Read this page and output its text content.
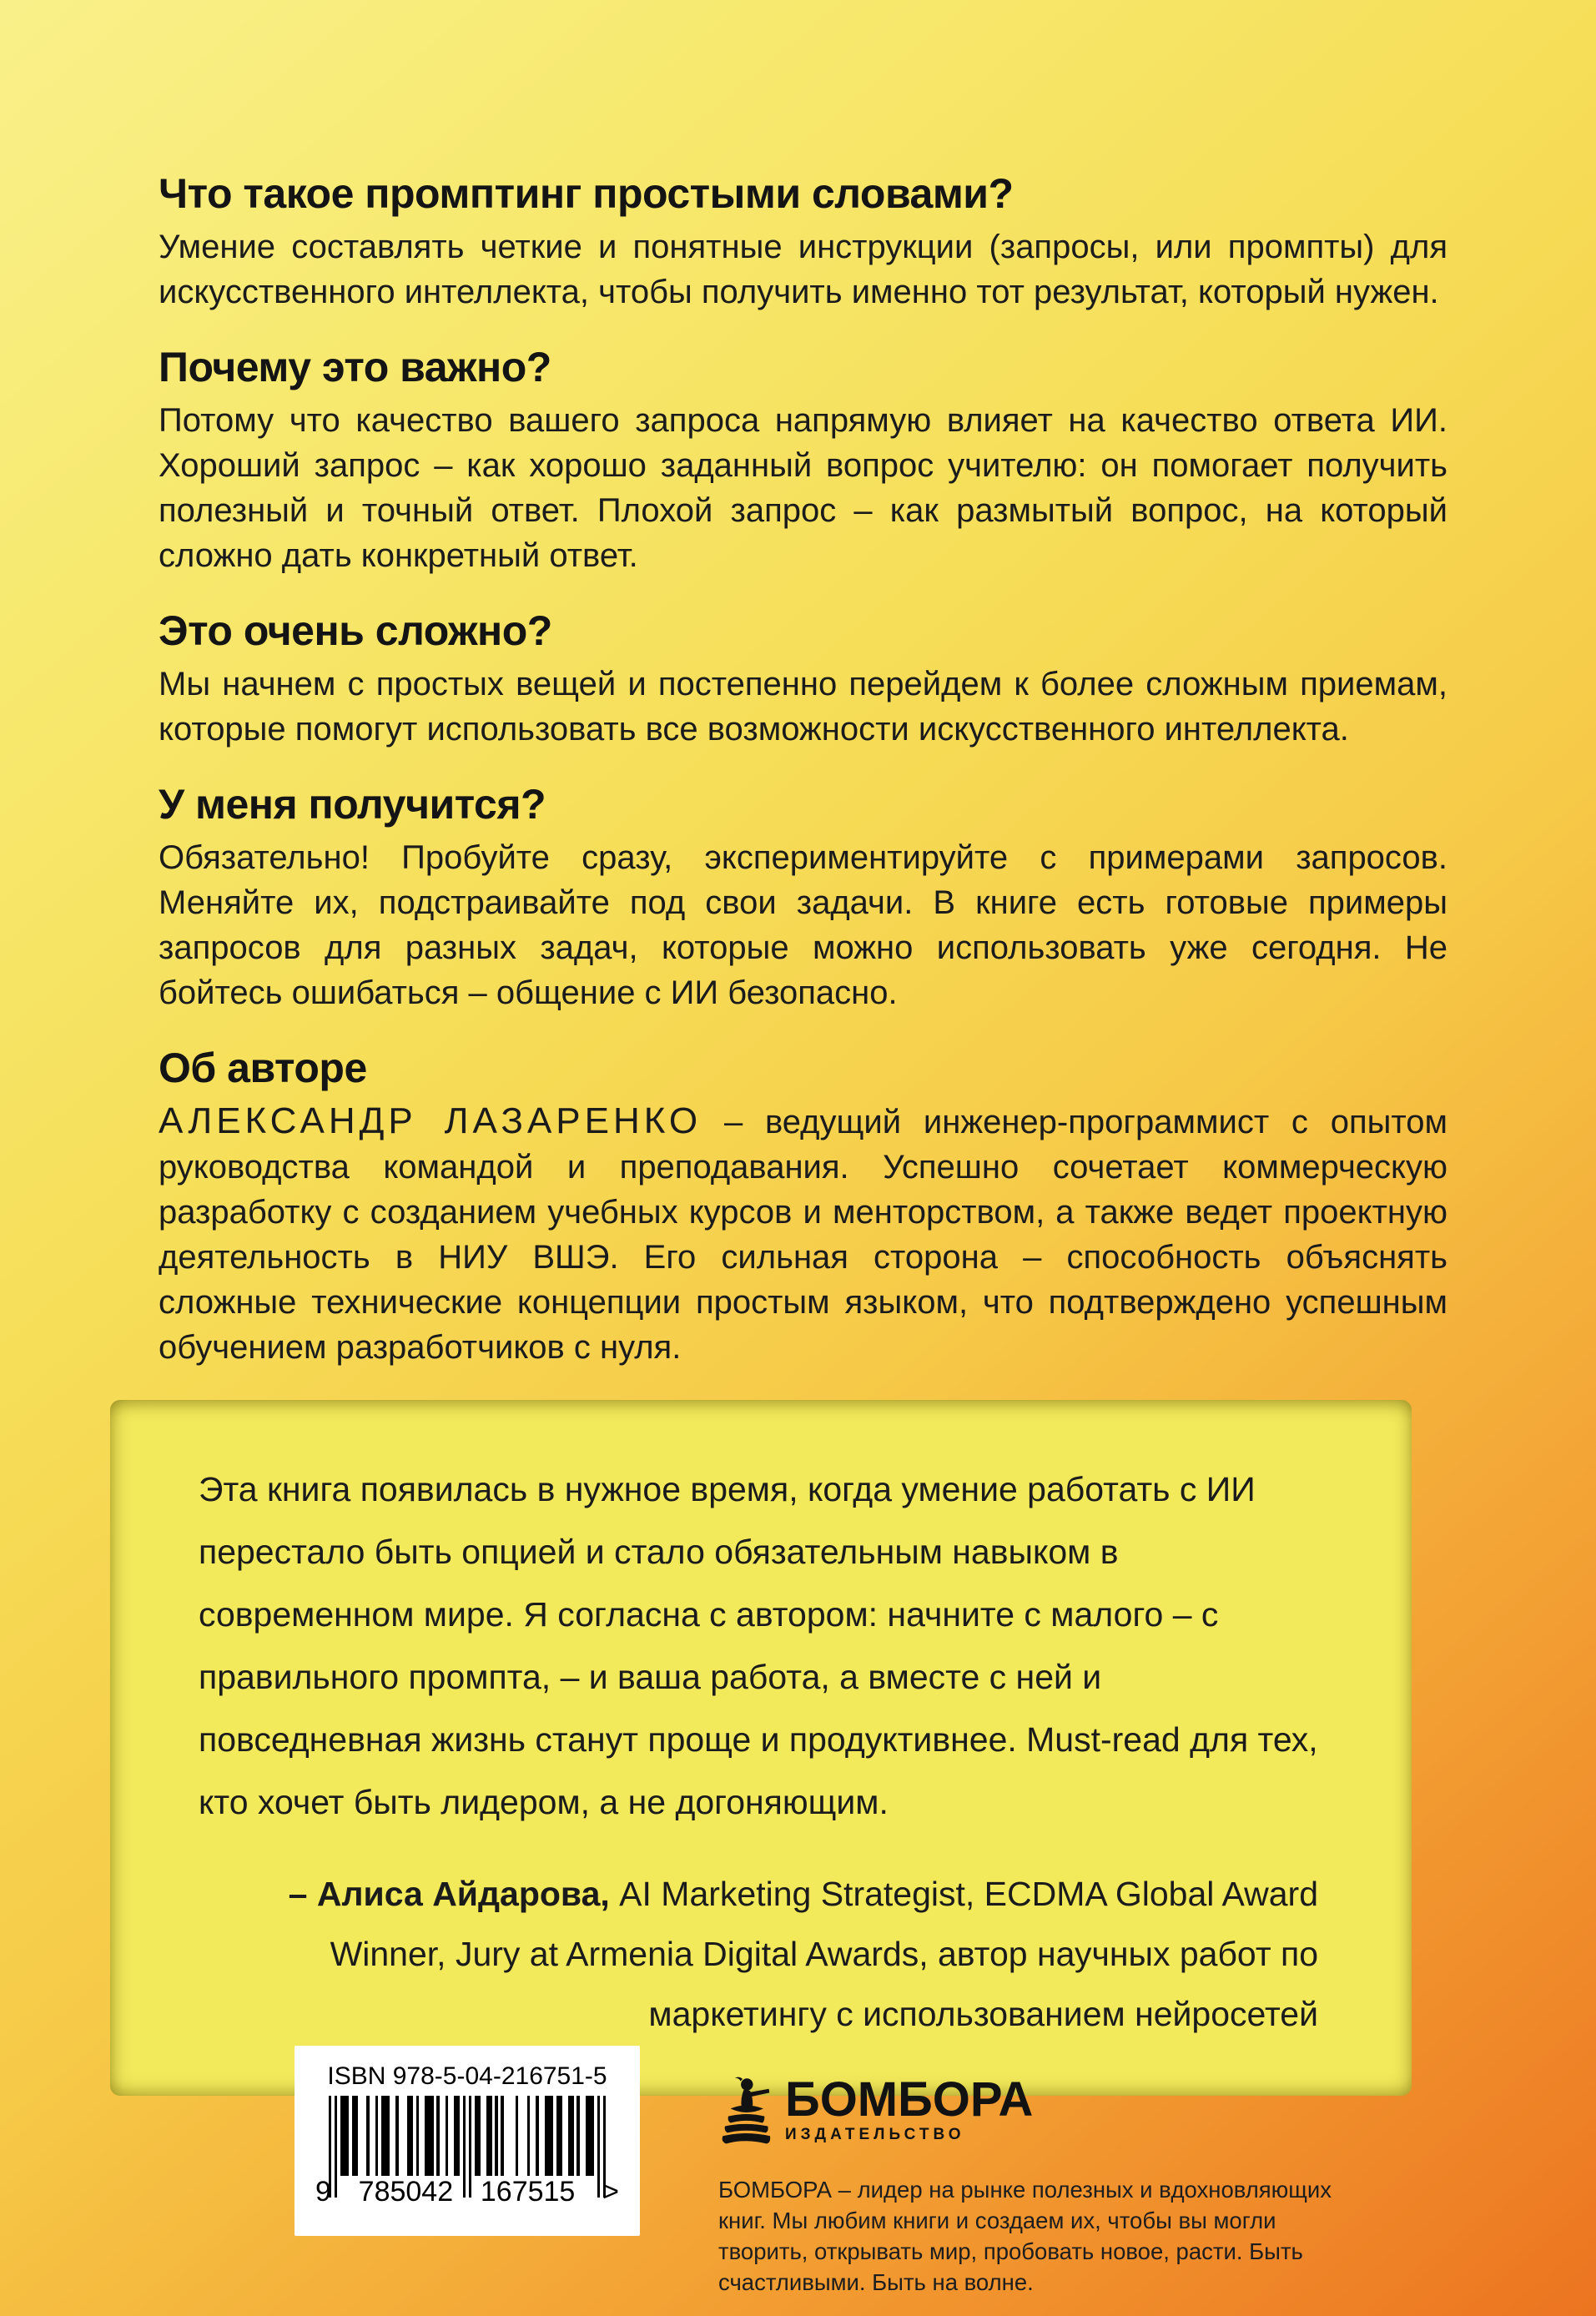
Что такое промптинг простыми словами?

Умение составлять четкие и понятные инструкции (запросы, или промпты) для искусственного интеллекта, чтобы получить именно тот результат, который нужен.

Почему это важно?

Потому что качество вашего запроса напрямую влияет на качество ответа ИИ. Хороший запрос – как хорошо заданный вопрос учителю: он помогает получить полезный и точный ответ. Плохой запрос – как размытый вопрос, на который сложно дать конкретный ответ.

Это очень сложно?

Мы начнем с простых вещей и постепенно перейдем к более сложным приемам, которые помогут использовать все возможности искусственного интеллекта.

У меня получится?

Обязательно! Пробуйте сразу, экспериментируйте с примерами запросов. Меняйте их, подстраивайте под свои задачи. В книге есть готовые примеры запросов для разных задач, которые можно использовать уже сегодня. Не бойтесь ошибаться – общение с ИИ безопасно.

Об авторе

АЛЕКСАНДР ЛАЗАРЕНКО – ведущий инженер-программист с опытом руководства командой и преподавания. Успешно сочетает коммерческую разработку с созданием учебных курсов и менторством, а также ведет проектную деятельность в НИУ ВШЭ. Его сильная сторона – способность объяснять сложные технические концепции простым языком, что подтверждено успешным обучением разработчиков с нуля.

Эта книга появилась в нужное время, когда умение работать с ИИ перестало быть опцией и стало обязательным навыком в современном мире. Я согласна с автором: начните с малого – с правильного промпта, – и ваша работа, а вместе с ней и повседневная жизнь станут проще и продуктивнее. Must-read для тех, кто хочет быть лидером, а не догоняющим.

– Алиса Айдарова, AI Marketing Strategist, ECDMA Global Award Winner, Jury at Armenia Digital Awards, автор научных работ по маркетингу с использованием нейросетей

ISBN 978-5-04-216751-5
9 785042 167515 >
БОМБОРА
ИЗДАТЕЛЬСТВО

БОМБОРА – лидер на рынке полезных и вдохновляющих книг. Мы любим книги и создаем их, чтобы вы могли творить, открывать мир, пробовать новое, расти. Быть счастливыми. Быть на волне.
